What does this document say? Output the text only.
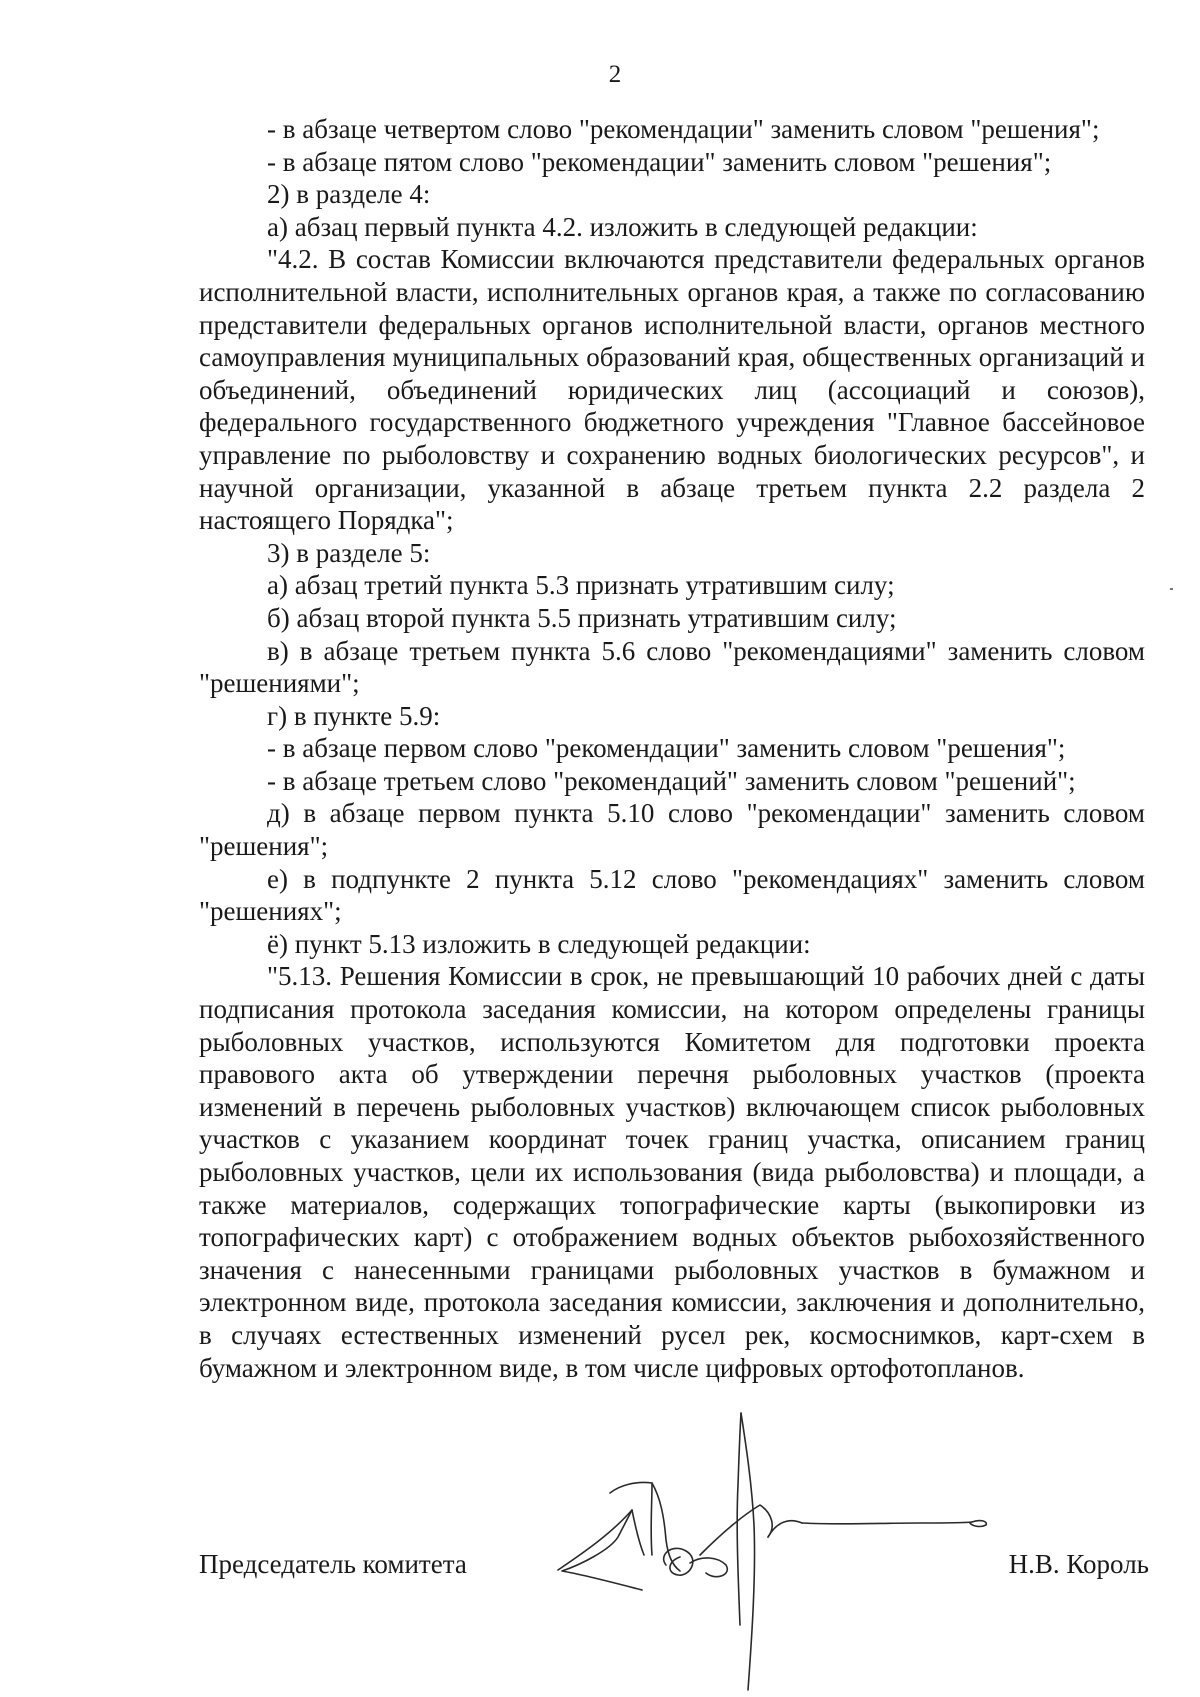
2

- в абзаце четвертом слово "рекомендации" заменить словом "решения";

- в абзаце пятом слово "рекомендации" заменить словом "решения";

2) в разделе 4:

а) абзац первый пункта 4.2. изложить в следующей редакции:

"4.2. В состав Комиссии включаются представители федеральных органов исполнительной власти, исполнительных органов края, а также по согласованию представители федеральных органов исполнительной власти, органов местного самоуправления муниципальных образований края, общественных организаций и объединений, объединений юридических лиц (ассоциаций и союзов), федерального государственного бюджетного учреждения "Главное бассейновое управление по рыболовству и сохранению водных биологических ресурсов", и научной организации, указанной в абзаце третьем пункта 2.2 раздела 2 настоящего Порядка";

3) в разделе 5:

а) абзац третий пункта 5.3 признать утратившим силу;

б) абзац второй пункта 5.5 признать утратившим силу;

в) в абзаце третьем пункта 5.6 слово "рекомендациями" заменить словом "решениями";

г) в пункте 5.9:

- в абзаце первом слово "рекомендации" заменить словом "решения";

- в абзаце третьем слово "рекомендаций" заменить словом "решений";

д) в абзаце первом пункта 5.10 слово "рекомендации" заменить словом "решения";

е) в подпункте 2 пункта 5.12 слово "рекомендациях" заменить словом "решениях";

ё) пункт 5.13 изложить в следующей редакции:

"5.13. Решения Комиссии в срок, не превышающий 10 рабочих дней с даты подписания протокола заседания комиссии, на котором определены границы рыболовных участков, используются Комитетом для подготовки проекта правового акта об утверждении перечня рыболовных участков (проекта изменений в перечень рыболовных участков) включающем список рыболовных участков с указанием координат точек границ участка, описанием границ рыболовных участков, цели их использования (вида рыболовства) и площади, а также материалов, содержащих топографические карты (выкопировки из топографических карт) с отображением водных объектов рыбохозяйственного значения с нанесенными границами рыболовных участков в бумажном и электронном виде, протокола заседания комиссии, заключения и дополнительно, в случаях естественных изменений русел рек, космоснимков, карт-схем в бумажном и электронном виде, в том числе цифровых ортофотопланов.

Председатель комитета	Н.В. Король
